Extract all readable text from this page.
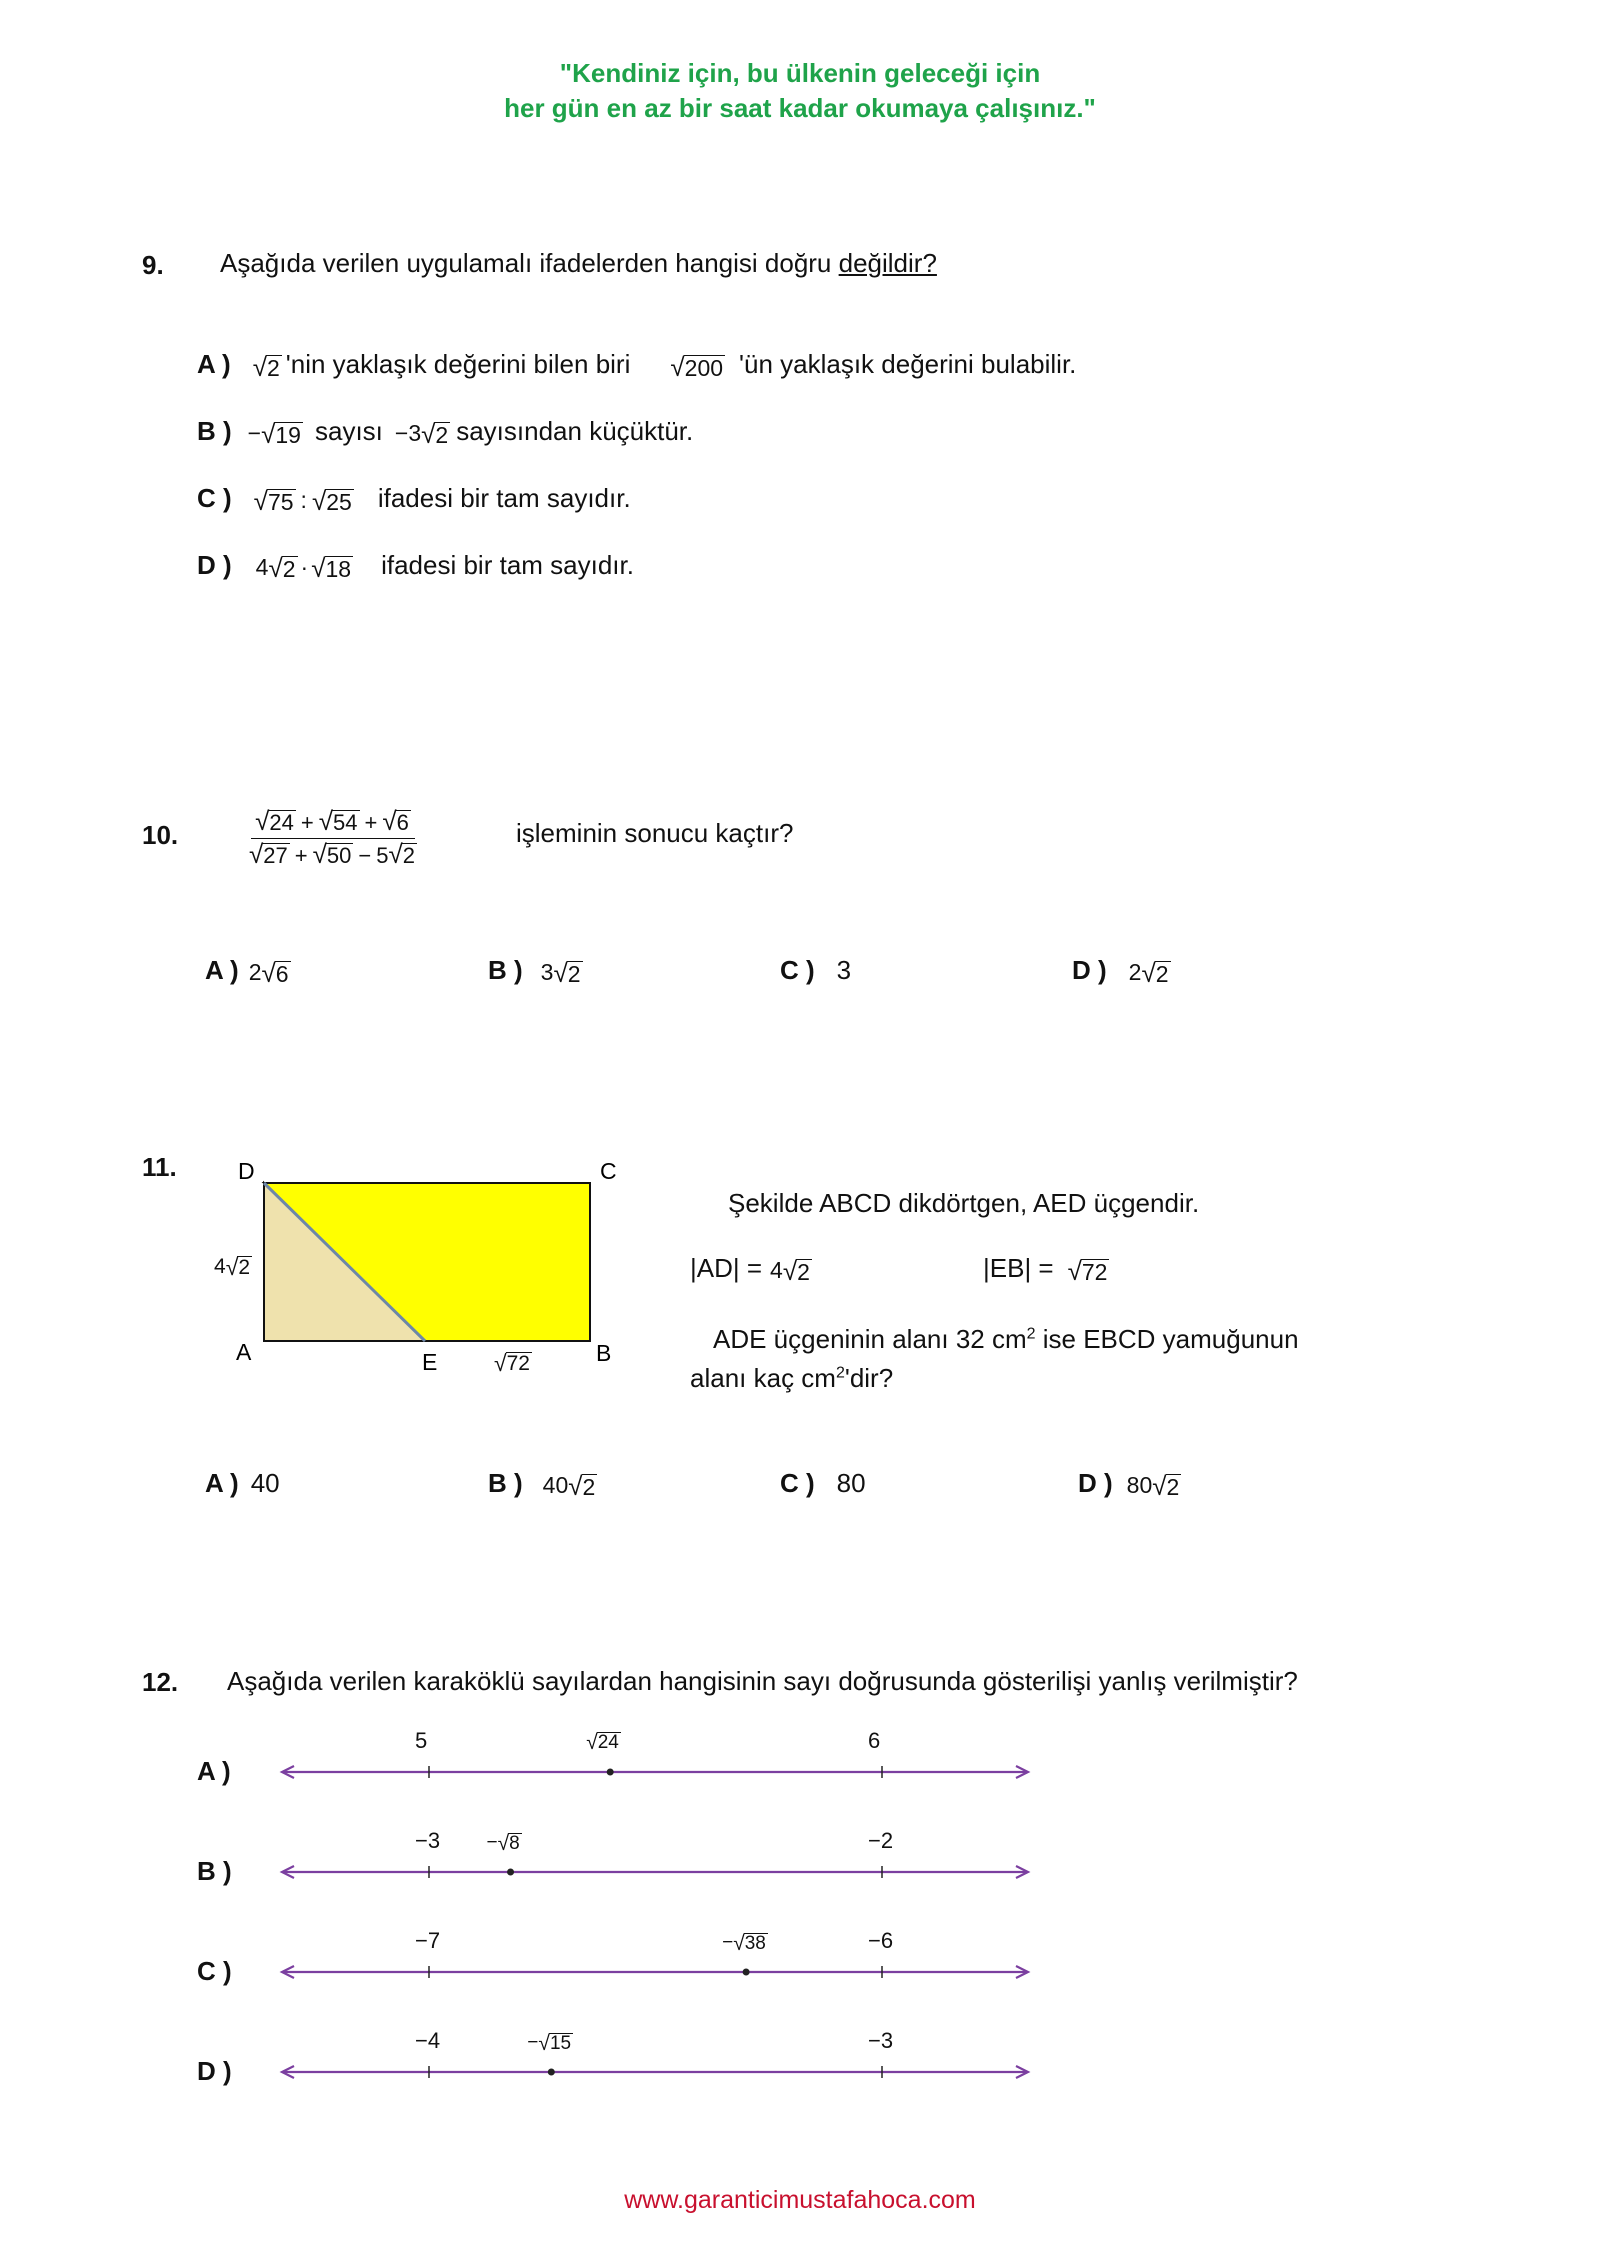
"Kendiniz için, bu ülkenin geleceği için
her gün en az bir saat kadar okumaya çalışınız."
9. Aşağıda verilen uygulamalı ifadelerden hangisi doğru değildir?
A ) √ 2 'nin yaklaşık değerini bilen biri √ 200 'ün yaklaşık değerini bulabilir.
B ) − √ 19 sayısı −3 √ 2 sayısından küçüktür.
C ) √ 75 : √ 25 ifadesi bir tam sayıdır.
D ) 4 √ 2 · √ 18 ifadesi bir tam sayıdır.
10.	$\frac{√ 24 + √ 54 + √ 6}{√ 27 + √ 50 - 5 √ 2}$	işleminin sonucu kaçtır?
A ) 2 √ 6	B ) 3 √ 2	C ) 3	D ) 2 √ 2
11.	D	C
A	B
E
4 √ 2
√ 72
Şekilde ABCD dikdörtgen, AED üçgendir.
|AD| = 4 √ 2	|EB| = √ 72
ADE üçgeninin alanı 32 $cm^2$ ise EBCD yamuğunun
alanı kaç $cm^2'dir$?
A ) 40	B ) 40 √ 2	C ) 80	D ) 80 √ 2
12. Aşağıda verilen karaköklü sayılardan hangisinin sayı doğrusunda gösterilişi yanlış verilmiştir?
A )
5	6
√ 24
B )
−3	−2
− √ 8
C )
−7	−6
− √ 38
D )
−4	−3
− √ 15
www.garanticimustafahoca.com
